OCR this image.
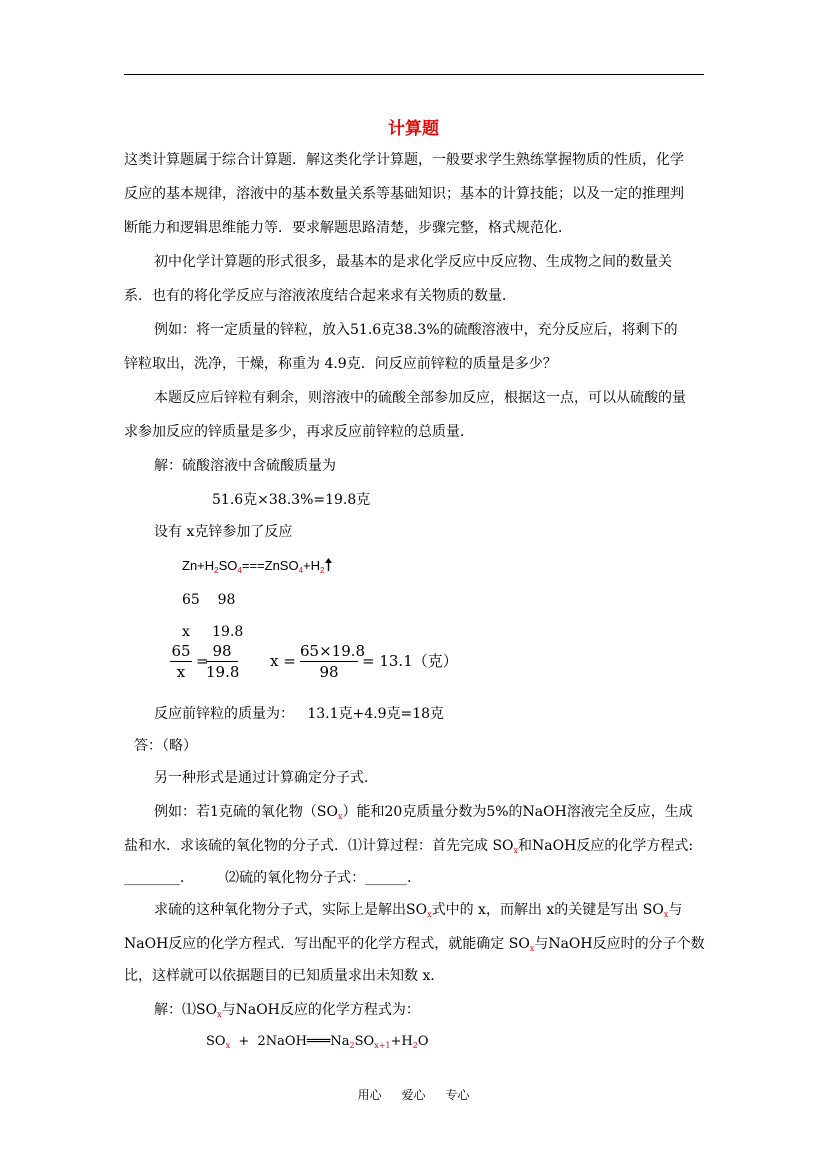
计算题
这类计算题属于综合计算题．解这类化学计算题，一般要求学生熟练掌握物质的性质，化学
反应的基本规律，溶液中的基本数量关系等基础知识；基本的计算技能；以及一定的推理判
断能力和逻辑思维能力等．要求解题思路清楚，步骤完整，格式规范化．
初中化学计算题的形式很多，最基本的是求化学反应中反应物、生成物之间的数量关
系．也有的将化学反应与溶液浓度结合起来求有关物质的数量．
例如：将一定质量的锌粒，放入51.6克38.3%的硫酸溶液中，充分反应后，将剩下的
锌粒取出，洗净，干燥，称重为 4.9克．问反应前锌粒的质量是多少？
本题反应后锌粒有剩余，则溶液中的硫酸全部参加反应，根据这一点，可以从硫酸的量
求参加反应的锌质量是多少，再求反应前锌粒的总质量．
解：硫酸溶液中含硫酸质量为
51.6克×38.3%=19.8克
设有 x克锌参加了反应
$Zn+H_2SO_4===ZnSO_4+H_2$
65    98
x     19.8
65
x
=
98
19.8
x =
65×19.8
98
= 13.1（克）
反应前锌粒的质量为：   13.1克+4.9克=18克
答：（略）
另一种形式是通过计算确定分子式．
例如：若1克硫的氧化物$(SO_x)$能和20克质量分数为5%的NaOH溶液完全反应，生成
盐和水．求该硫的氧化物的分子式．⑴计算过程：首先完成 $SO_x$和NaOH反应的化学方程式:
________．       ⑵硫的氧化物分子式：______．
求硫的这种氧化物分子式，实际上是解出$SO_x$式中的 x，而解出 x的关键是写出 $SO_x$与
NaOH反应的化学方程式．写出配平的化学方程式，就能确定 $SO_x$与NaOH反应时的分子个数
比，这样就可以依据题目的已知质量求出未知数 x．
解：$⑴SO_x$与NaOH反应的化学方程式为：
$SO_x$  +  $2NaOH═══Na_2SO_{x+1}+H_2O$
用心 爱心 专心
